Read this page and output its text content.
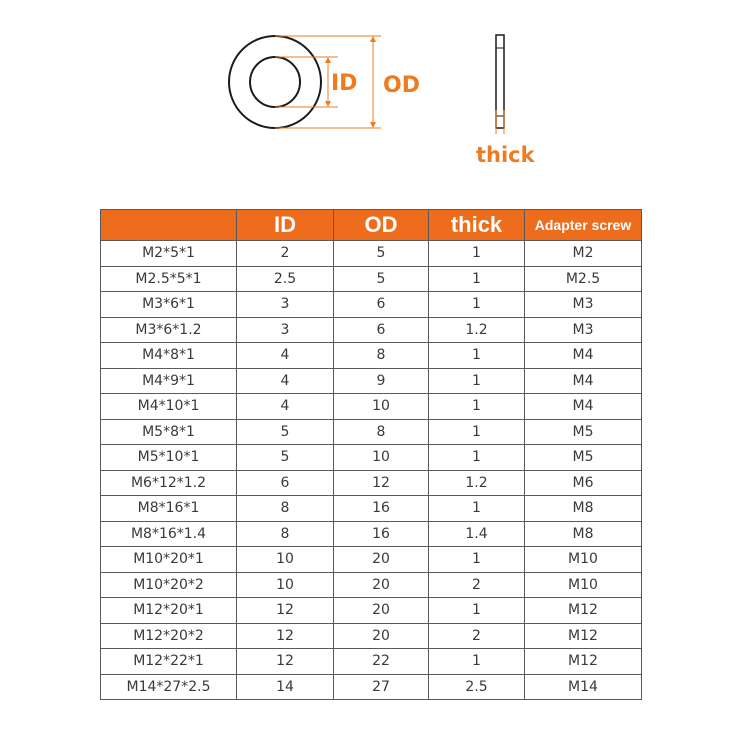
ID OD
thick
	ID	OD	thick	Adapter screw
M2*5*1	2	5	1	M2
M2.5*5*1	2.5	5	1	M2.5
M3*6*1	3	6	1	M3
M3*6*1.2	3	6	1.2	M3
M4*8*1	4	8	1	M4
M4*9*1	4	9	1	M4
M4*10*1	4	10	1	M4
M5*8*1	5	8	1	M5
M5*10*1	5	10	1	M5
M6*12*1.2	6	12	1.2	M6
M8*16*1	8	16	1	M8
M8*16*1.4	8	16	1.4	M8
M10*20*1	10	20	1	M10
M10*20*2	10	20	2	M10
M12*20*1	12	20	1	M12
M12*20*2	12	20	2	M12
M12*22*1	12	22	1	M12
M14*27*2.5	14	27	2.5	M14
